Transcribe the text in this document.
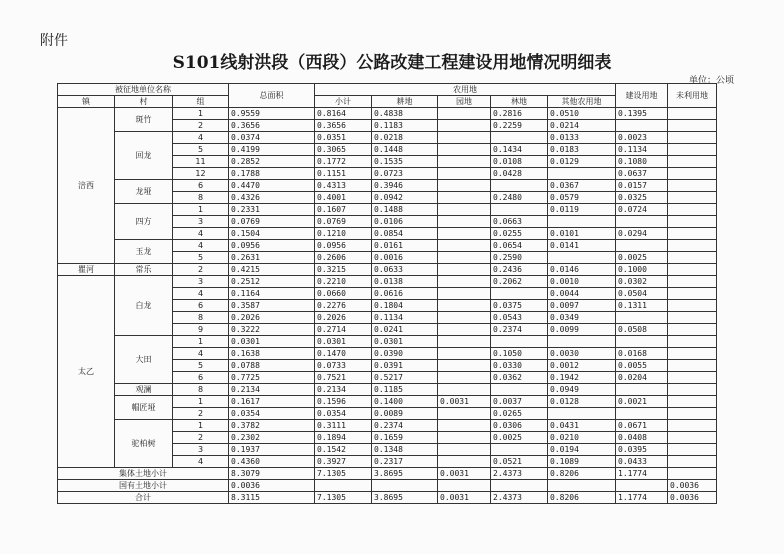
附件
S101线射洪段（西段）公路改建工程建设用地情况明细表
单位：公顷
被征地单位名称			总面积	农用地					建设用地	未利用地
镇	村	组		小计	耕地	园地	林地	其他农用地		
涪西	斑竹	1	0.9559	0.8164	0.4838		0.2816	0.0510	0.1395	
		2	0.3656	0.3656	0.1183		0.2259	0.0214		
	回龙	4	0.0374	0.0351	0.0218			0.0133	0.0023	
		5	0.4199	0.3065	0.1448		0.1434	0.0183	0.1134	
		11	0.2852	0.1772	0.1535		0.0108	0.0129	0.1080	
		12	0.1788	0.1151	0.0723		0.0428		0.0637	
	龙垭	6	0.4470	0.4313	0.3946			0.0367	0.0157	
		8	0.4326	0.4001	0.0942		0.2480	0.0579	0.0325	
	四方	1	0.2331	0.1607	0.1488			0.0119	0.0724	
		3	0.0769	0.0769	0.0106		0.0663			
		4	0.1504	0.1210	0.0854		0.0255	0.0101	0.0294	
	玉龙	4	0.0956	0.0956	0.0161		0.0654	0.0141		
		5	0.2631	0.2606	0.0016		0.2590		0.0025	
瞿河	常乐	2	0.4215	0.3215	0.0633		0.2436	0.0146	0.1000	
太乙	白龙	3	0.2512	0.2210	0.0138		0.2062	0.0010	0.0302	
		4	0.1164	0.0660	0.0616			0.0044	0.0504	
		6	0.3587	0.2276	0.1804		0.0375	0.0097	0.1311	
		8	0.2026	0.2026	0.1134		0.0543	0.0349		
		9	0.3222	0.2714	0.0241		0.2374	0.0099	0.0508	
	大田	1	0.0301	0.0301	0.0301					
		4	0.1638	0.1470	0.0390		0.1050	0.0030	0.0168	
		5	0.0788	0.0733	0.0391		0.0330	0.0012	0.0055	
		6	0.7725	0.7521	0.5217		0.0362	0.1942	0.0204	
	观澜	8	0.2134	0.2134	0.1185			0.0949		
	帽匠垭	1	0.1617	0.1596	0.1400	0.0031	0.0037	0.0128	0.0021	
		2	0.0354	0.0354	0.0089		0.0265			
	驼柏树	1	0.3782	0.3111	0.2374		0.0306	0.0431	0.0671	
		2	0.2302	0.1894	0.1659		0.0025	0.0210	0.0408	
		3	0.1937	0.1542	0.1348			0.0194	0.0395	
		4	0.4360	0.3927	0.2317		0.0521	0.1089	0.0433	
集体土地小计			8.3079	7.1305	3.8695	0.0031	2.4373	0.8206	1.1774	
国有土地小计			0.0036							0.0036
合计			8.3115	7.1305	3.8695	0.0031	2.4373	0.8206	1.1774	0.0036
